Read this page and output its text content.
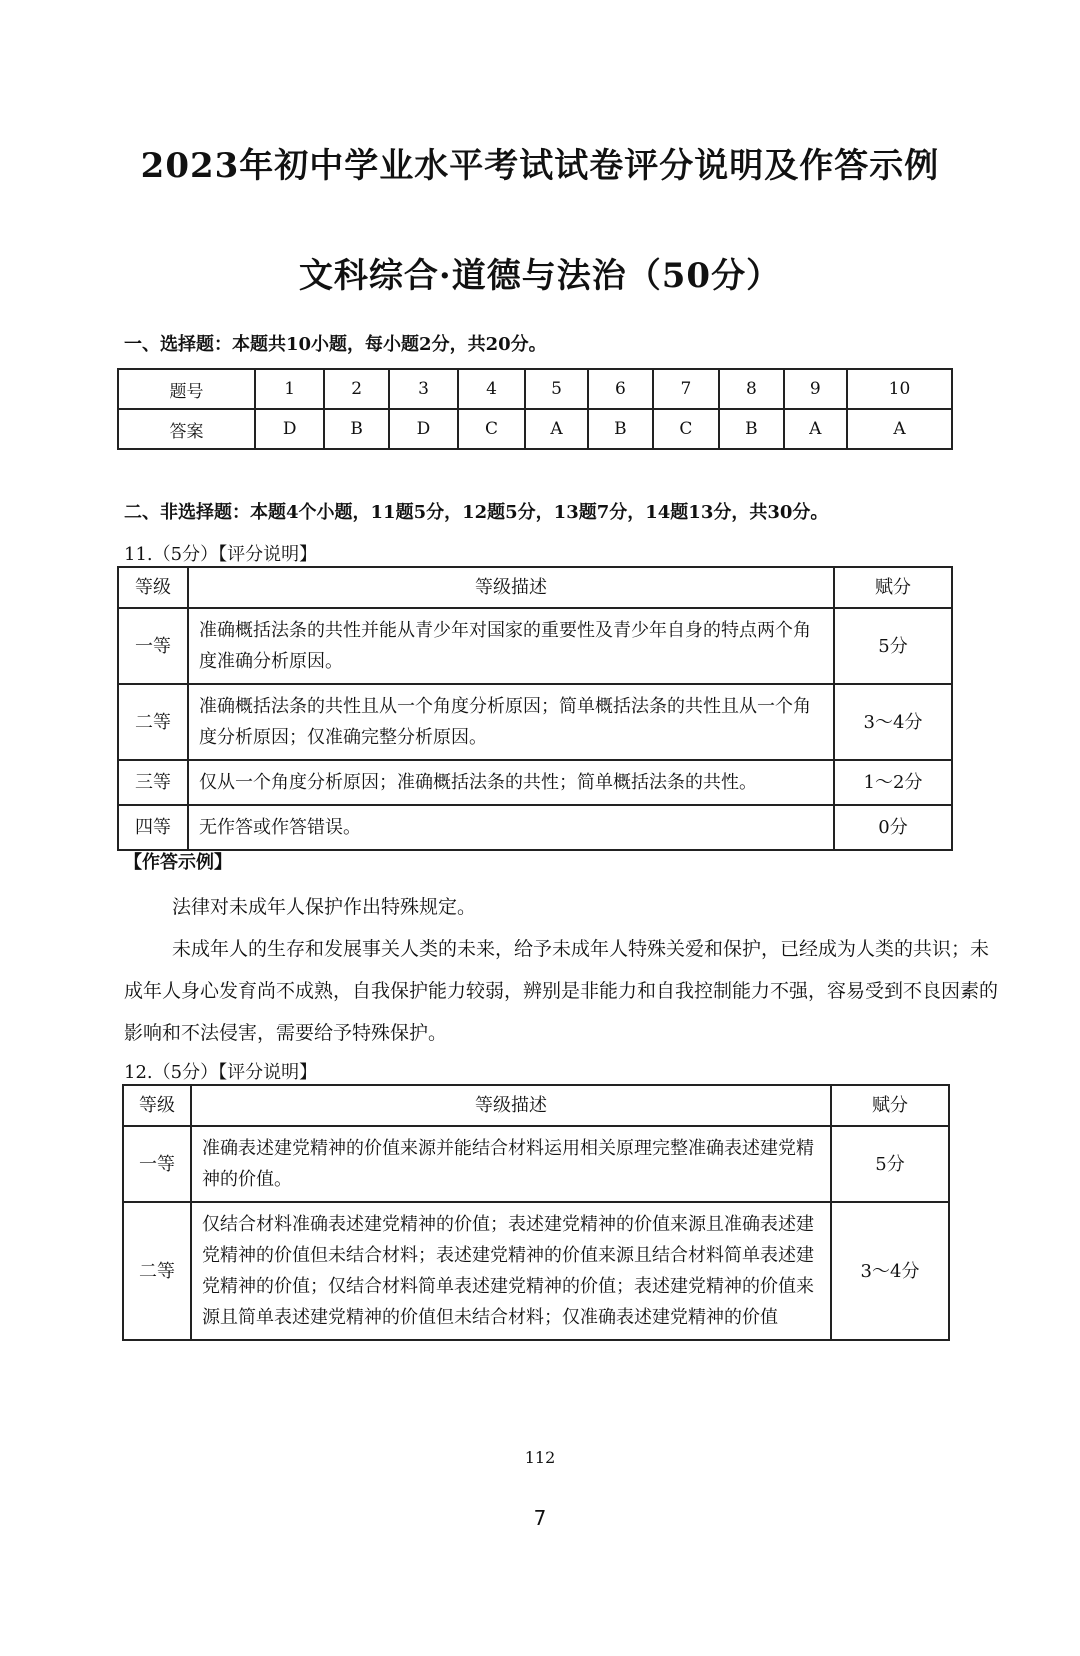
2023年初中学业水平考试试卷评分说明及作答示例
文科综合·道德与法治（50分）
一、选择题：本题共10小题，每小题2分，共20分。
题号	1	2	3	4	5	6	7	8	9	10
答案	D	B	D	C	A	B	C	B	A	A
二、非选择题：本题4个小题，11题5分，12题5分，13题7分，14题13分，共30分。
11.（5分）【评分说明】
等级	等级描述	赋分
一等	准确概括法条的共性并能从青少年对国家的重要性及青少年自身的特点两个角度准确分析原因。	5分
二等	准确概括法条的共性且从一个角度分析原因；简单概括法条的共性且从一个角度分析原因；仅准确完整分析原因。	3～4分
三等	仅从一个角度分析原因；准确概括法条的共性；简单概括法条的共性。	1～2分
四等	无作答或作答错误。	0分
【作答示例】

法律对未成年人保护作出特殊规定。

未成年人的生存和发展事关人类的未来，给予未成年人特殊关爱和保护，已经成为人类的共识；未成年人身心发育尚不成熟，自我保护能力较弱，辨别是非能力和自我控制能力不强，容易受到不良因素的影响和不法侵害，需要给予特殊保护。

12.（5分）【评分说明】
等级	等级描述	赋分
一等	准确表述建党精神的价值来源并能结合材料运用相关原理完整准确表述建党精神的价值。	5分
二等	仅结合材料准确表述建党精神的价值；表述建党精神的价值来源且准确表述建党精神的价值但未结合材料；表述建党精神的价值来源且结合材料简单表述建党精神的价值；仅结合材料简单表述建党精神的价值；表述建党精神的价值来源且简单表述建党精神的价值但未结合材料；仅准确表述建党精神的价值	3～4分
112
7
